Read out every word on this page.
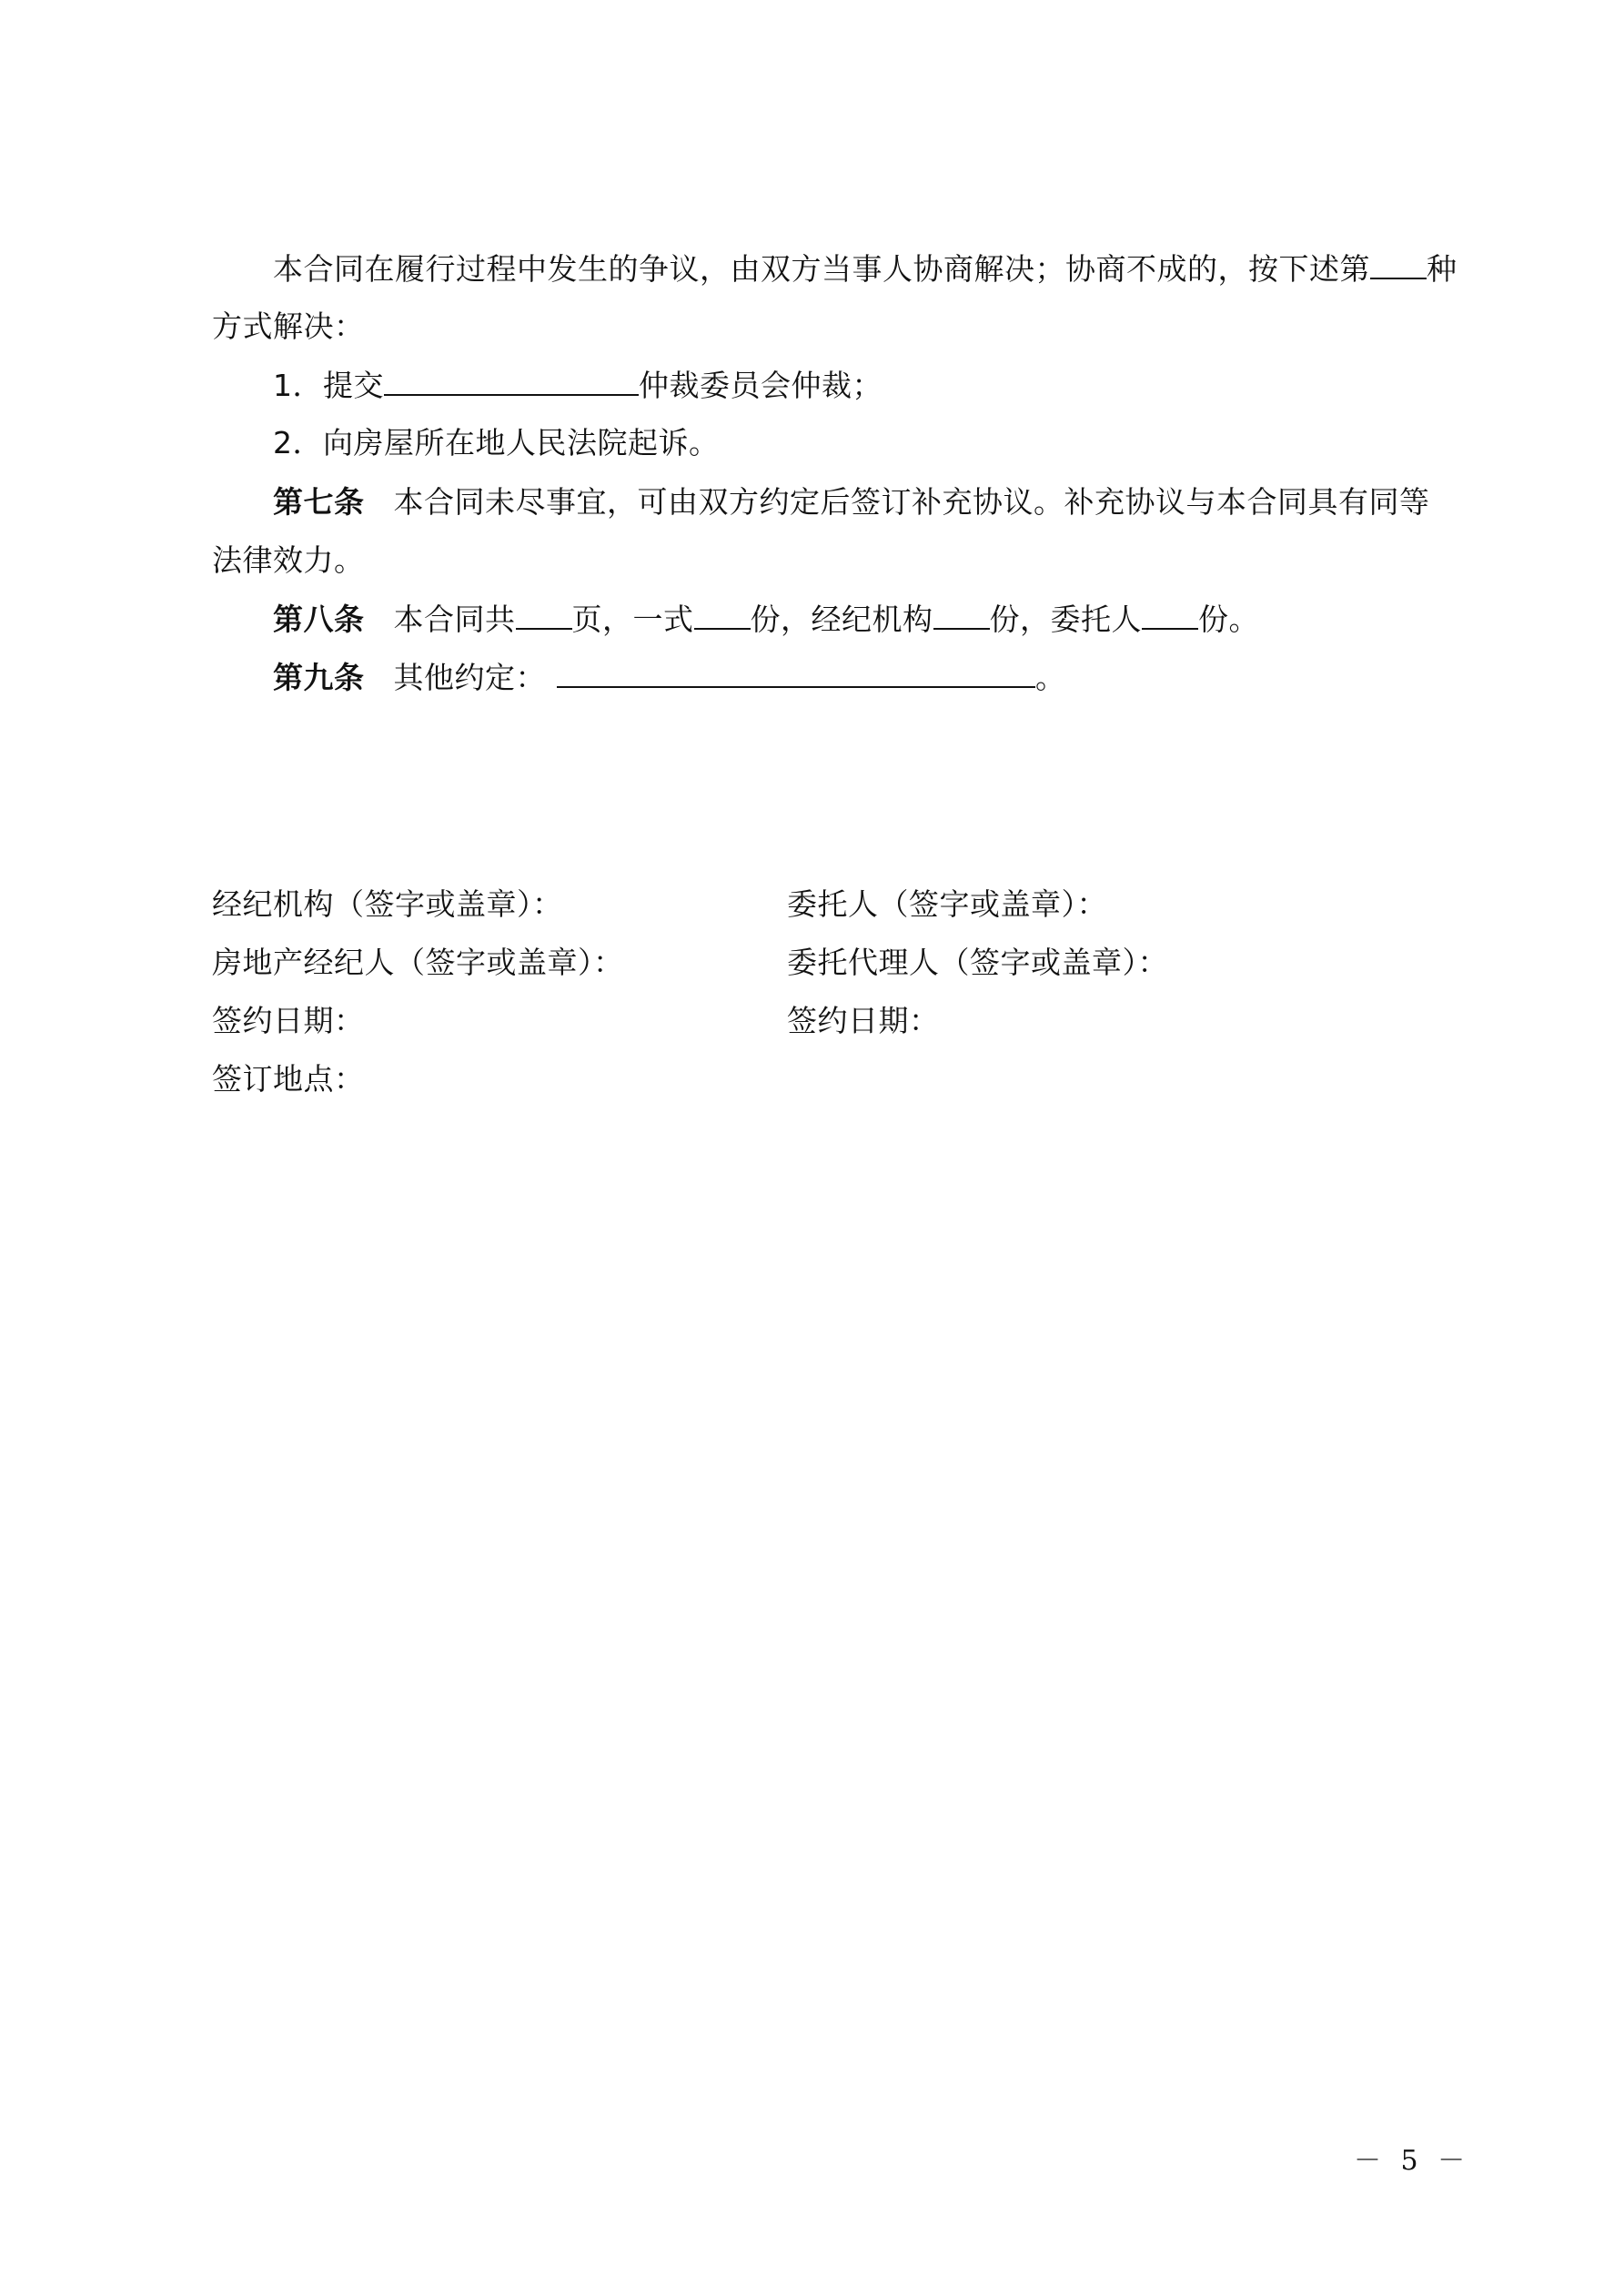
本合同在履行过程中发生的争议，由双方当事人协商解决；协商不成的，按下述第 种
方式解决：
1．提交	仲裁委员会仲裁；
2．向房屋所在地人民法院起诉。
第七条 本合同未尽事宜，可由双方约定后签订补充协议。补充协议与本合同具有同等
法律效力。
第八条 本合同共 页，一式 份，经纪机构 份，委托人 份。
第九条 其他约定：	。
经纪机构（签字或盖章）：
房地产经纪人（签字或盖章）：
签约日期：
签订地点：
委托人（签字或盖章）：
委托代理人（签字或盖章）：
签约日期：
－ 5 －
